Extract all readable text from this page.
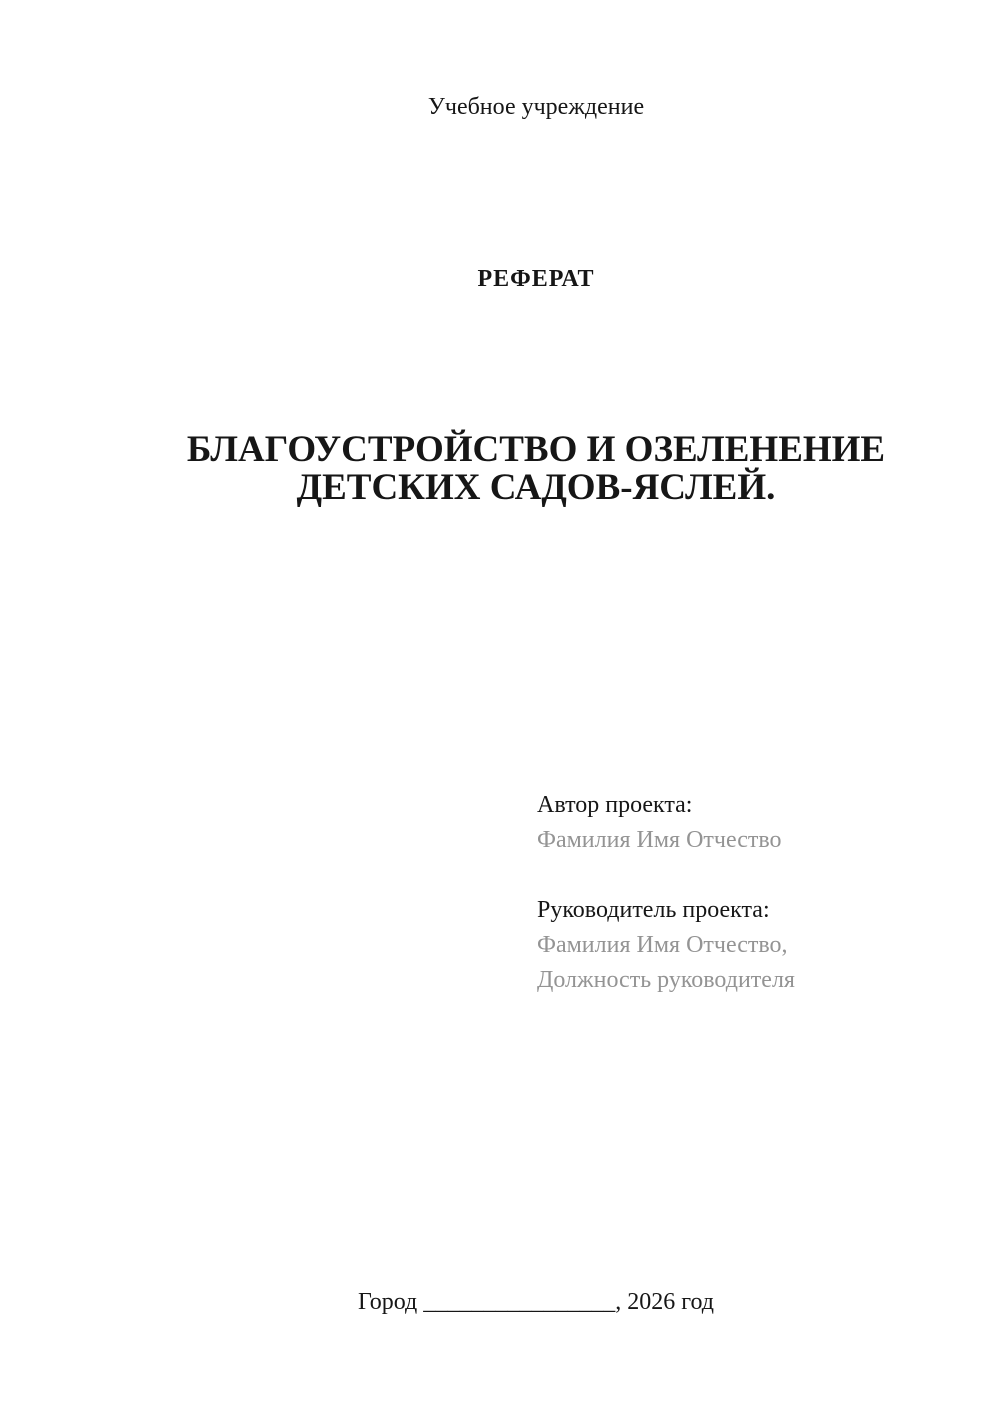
Учебное учреждение
РЕФЕРАТ
БЛАГОУСТРОЙСТВО И ОЗЕЛЕНЕНИЕ
ДЕТСКИХ САДОВ-ЯСЛЕЙ.
Автор проекта:
Фамилия Имя Отчество
Руководитель проекта:
Фамилия Имя Отчество,
Должность руководителя
Город ________________, 2026 год
